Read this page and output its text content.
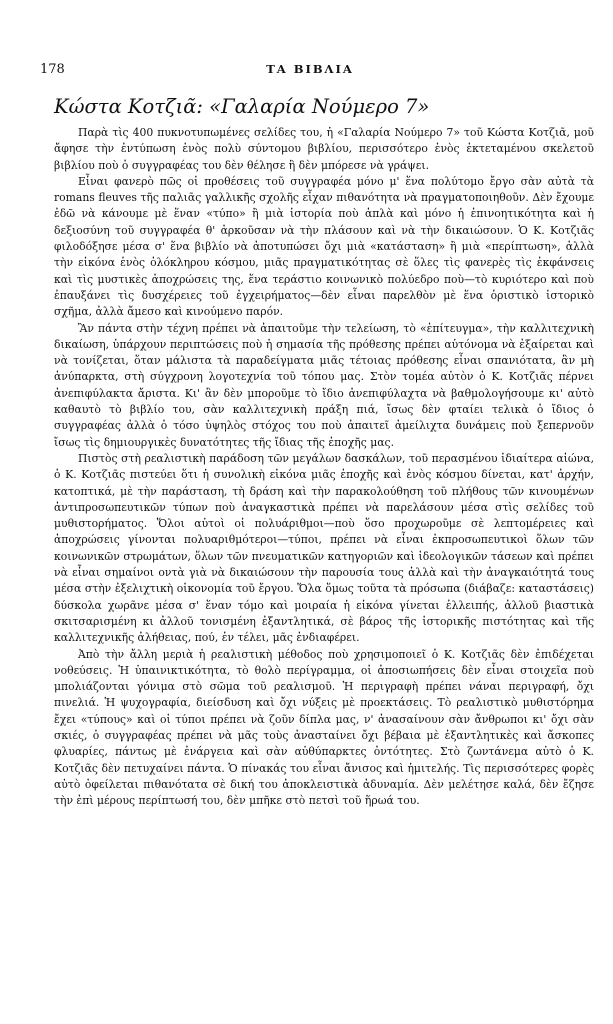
178	ΤΑ ΒΙΒΛΙΑ
Κώστα Κοτζιᾶ: «Γαλαρία Νούμερο 7»

Παρὰ τὶς 400 πυκνοτυπωμένες σελίδες του, ἡ «Γαλαρία Νούμερο 7» τοῦ Κώστα Κοτζιᾶ, μοῦ ἄφησε τὴν ἐντύπωση ἑνὸς πολὺ σύντομου βιβλίου, περισσότερο ἑνὸς ἐκτεταμένου σκελετοῦ βιβλίου ποὺ ὁ συγγραφέας του δὲν θέλησε ἢ δὲν μπόρεσε νὰ γράψει.

Εἶναι φανερὸ πῶς οἱ προθέσεις τοῦ συγγραφέα μόνο μ' ἕνα πολύτομο ἔργο σὰν αὐτὰ τὰ romans fleuves τῆς παλιᾶς γαλλικῆς σχολῆς εἶχαν πιθανότητα νὰ πραγματοποιηθοῦν. Δὲν ἔχουμε ἐδῶ νὰ κάνουμε μὲ ἕναν «τύπο» ἢ μιὰ ἱστορία ποὺ ἁπλὰ καὶ μόνο ἡ ἐπινοητικότητα καὶ ἡ δεξιοσύνη τοῦ συγγραφέα θ' ἀρκοῦσαν νὰ τὴν πλάσουν καὶ νὰ τὴν δικαιώσουν. Ὁ Κ. Κοτζιᾶς φιλοδόξησε μέσα σ' ἕνα βιβλίο νὰ ἀποτυπώσει ὄχι μιὰ «κατάσταση» ἢ μιὰ «περίπτωση», ἀλλὰ τὴν εἰκόνα ἑνὸς ὁλόκληρου κόσμου, μιᾶς πραγματικότητας σὲ ὅλες τὶς φανερὲς τὶς ἐκφάνσεις καὶ τὶς μυστικὲς ἀποχρώσεις της, ἕνα τεράστιο κοινωνικὸ πολύεδρο ποὺ—τὸ κυριότερο καὶ ποὺ ἐπαυξάνει τὶς δυσχέρειες τοῦ ἐγχειρήματος—δὲν εἶναι παρελθὸν μὲ ἕνα ὁριστικὸ ἱστορικὸ σχῆμα, ἀλλὰ ἄμεσο καὶ κινούμενο παρόν.

Ἂν πάντα στὴν τέχνη πρέπει νὰ ἀπαιτοῦμε τὴν τελείωση, τὸ «ἐπίτευγμα», τὴν καλλιτεχνικὴ δικαίωση, ὑπάρχουν περιπτώσεις ποὺ ἡ σημασία τῆς πρόθεσης πρέπει αὐτόνομα νὰ ἐξαίρεται καὶ νὰ τονίζεται, ὅταν μάλιστα τὰ παραδείγματα μιᾶς τέτοιας πρόθεσης εἶναι σπανιότατα, ἂν μὴ ἀνύπαρκτα, στὴ σύγχρονη λογοτεχνία τοῦ τόπου μας. Στὸν τομέα αὐτὸν ὁ Κ. Κοτζιᾶς πέρνει ἀνεπιφύλακτα ἄριστα. Κι' ἂν δὲν μποροῦμε τὸ ἴδιο ἀνεπιφύλαχτα νὰ βαθμολογήσουμε κι' αὐτὸ καθαυτὸ τὸ βιβλίο του, σὰν καλλιτεχνικὴ πράξη πιά, ἴσως δὲν φταίει τελικὰ ὁ ἴδιος ὁ συγγραφέας ἀλλὰ ὁ τόσο ὑψηλὸς στόχος του ποὺ ἀπαιτεῖ ἀμείλιχτα δυνάμεις ποὺ ξεπερνοῦν ἴσως τὶς δημιουργικὲς δυνατότητες τῆς ἴδιας τῆς ἐποχῆς μας.

Πιστὸς στὴ ρεαλιστικὴ παράδοση τῶν μεγάλων δασκάλων, τοῦ περασμένου ἰδιαίτερα αἰώνα, ὁ Κ. Κοτζιᾶς πιστεύει ὅτι ἡ συνολικὴ εἰκόνα μιᾶς ἐποχῆς καὶ ἑνὸς κόσμου δίνεται, κατ' ἀρχήν, κατοπτικά, μὲ τὴν παράσταση, τὴ δράση καὶ τὴν παρακολούθηση τοῦ πλήθους τῶν κινουμένων ἀντιπροσωπευτικῶν τύπων ποὺ ἀναγκαστικὰ πρέπει νὰ παρελάσουν μέσα στὶς σελίδες τοῦ μυθιστορήματος. Ὅλοι αὐτοὶ οἱ πολυάριθμοι—ποὺ ὅσο προχωροῦμε σὲ λεπτομέρειες καὶ ἀποχρώσεις γίνονται πολυαριθμότεροι—τύποι, πρέπει νὰ εἶναι ἐκπροσωπευτικοὶ ὅλων τῶν κοινωνικῶν στρωμάτων, ὅλων τῶν πνευματικῶν κατηγοριῶν καὶ ἰδεολογικῶν τάσεων καὶ πρέπει νὰ εἶναι σημαίνοι οντὰ γιὰ νὰ δικαιώσουν τὴν παρουσία τους ἀλλὰ καὶ τὴν ἀναγκαιότητά τους μέσα στὴν ἐξελιχτικὴ οἰκονομία τοῦ ἔργου. Ὅλα ὅμως τοῦτα τὰ πρόσωπα (διάβαζε: καταστάσεις) δύσκολα χωρᾶνε μέσα σ' ἕναν τόμο καὶ μοιραία ἡ εἰκόνα γίνεται ἐλλειπής, ἀλλοῦ βιαστικὰ σκιτσαρισμένη κι ἀλλοῦ τονισμένη ἐξαντλητικά, σὲ βάρος τῆς ἱστορικῆς πιστότητας καὶ τῆς καλλιτεχνικῆς ἀλήθειας, πού, ἐν τέλει, μᾶς ἐνδιαφέρει.

Ἀπὸ τὴν ἄλλη μεριὰ ἡ ρεαλιστικὴ μέθοδος ποὺ χρησιμοποιεῖ ὁ Κ. Κοτζιᾶς δὲν ἐπιδέχεται νοθεύσεις. Ἡ ὑπαινικτικότητα, τὸ θολὸ περίγραμμα, οἱ ἀποσιωπήσεις δὲν εἶναι στοιχεῖα ποὺ μπολιάζονται γόνιμα στὸ σῶμα τοῦ ρεαλισμοῦ. Ἡ περιγραφὴ πρέπει νάναι περιγραφή, ὄχι πινελιά. Ἡ ψυχογραφία, διείσδυση καὶ ὄχι νύξεις μὲ προεκτάσεις. Τὸ ρεαλιστικὸ μυθιστόρημα ἔχει «τύπους» καὶ οἱ τύποι πρέπει νὰ ζοῦν δίπλα μας, ν' ἀνασαίνουν σὰν ἄνθρωποι κι' ὄχι σὰν σκιές, ὁ συγγραφέας πρέπει νὰ μᾶς τοὺς ἀνασταίνει ὄχι βέβαια μὲ ἐξαντλητικὲς καὶ ἄσκοπες φλυαρίες, πάντως μὲ ἐνάργεια καὶ σὰν αὐθύπαρκτες ὀντότητες. Στὸ ζωντάνεμα αὐτὸ ὁ Κ. Κοτζιᾶς δὲν πετυχαίνει πάντα. Ὁ πίνακάς του εἶναι ἄνισος καὶ ἡμιτελής. Τὶς περισσότερες φορὲς αὐτὸ ὀφείλεται πιθανότατα σὲ δική του ἀποκλειστικὰ ἀδυναμία. Δὲν μελέτησε καλά, δὲν ἔζησε τὴν ἐπὶ μέρους περίπτωσή του, δὲν μπῆκε στὸ πετσὶ τοῦ ἥρωά του.
